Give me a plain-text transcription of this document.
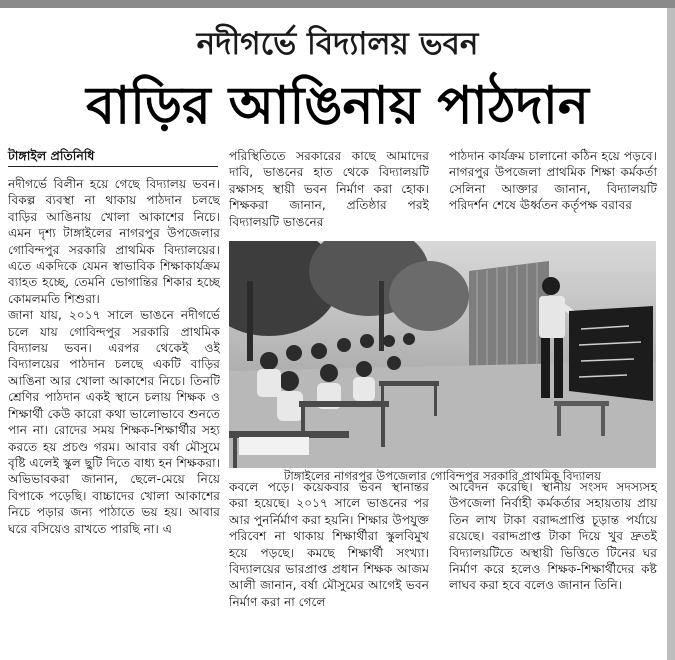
নদীগর্ভে বিদ্যালয় ভবন
বাড়ির আঙিনায় পাঠদান
টাঙ্গাইল প্রতিনিধি

নদীগর্ভে বিলীন হয়ে গেছে বিদ্যালয় ভবন। বিকল্প ব্যবস্থা না থাকায় পাঠদান চলছে বাড়ির আঙিনায় খোলা আকাশের নিচে। এমন দৃশ্য টাঙ্গাইলের নাগরপুর উপজেলার গোবিন্দপুর সরকারি প্রাথমিক বিদ্যালয়ের। এতে একদিকে যেমন স্বাভাবিক শিক্ষাকার্যক্রম ব্যাহত হচ্ছে, তেমনি ভোগান্তির শিকার হচ্ছে কোমলমতি শিশুরা।

জানা যায়, ২০১৭ সালে ভাঙনে নদীগর্ভে চলে যায় গোবিন্দপুর সরকারি প্রাথমিক বিদ্যালয় ভবন। এরপর থেকেই ওই বিদ্যালয়ের পাঠদান চলছে একটি বাড়ির আঙিনা আর খোলা আকাশের নিচে। তিনটি শ্রেণির পাঠদান একই স্থানে চলায় শিক্ষক ও শিক্ষার্থী কেউ কারো কথা ভালোভাবে শুনতে পান না। রোদের সময় শিক্ষক-শিক্ষার্থীর সহ্য করতে হয় প্রচণ্ড গরম। আবার বর্ষা মৌসুমে বৃষ্টি এলেই স্কুল ছুটি দিতে বাধ্য হন শিক্ষকরা। অভিভাবকরা জানান, ছেলে-মেয়ে নিয়ে বিপাকে পড়েছি। বাচ্চাদের খোলা আকাশের নিচে পড়ার জন্য পাঠাতে ভয় হয়। আবার ঘরে বসিয়েও রাখতে পারছি না। এ

পরিস্থিতিতে সরকারের কাছে আমাদের দাবি, ভাঙনের হাত থেকে বিদ্যালয়টি রক্ষাসহ স্থায়ী ভবন নির্মাণ করা হোক। শিক্ষকরা জানান, প্রতিষ্ঠার পরই বিদ্যালয়টি ভাঙনের

পাঠদান কার্যক্রম চালানো কঠিন হয়ে পড়বে। নাগরপুর উপজেলা প্রাথমিক শিক্ষা কর্মকর্তা সেলিনা আক্তার জানান, বিদ্যালয়টি পরিদর্শন শেষে ঊর্ধ্বতন কর্তৃপক্ষ বরাবর

টাঙ্গাইলের নাগরপুর উপজেলার গোবিন্দপুর সরকারি প্রাথমিক বিদ্যালয়

কবলে পড়ে। কয়েকবার ভবন স্থানান্তর করা হয়েছে। ২০১৭ সালে ভাঙনের পর আর পুনর্নির্মাণ করা হয়নি। শিক্ষার উপযুক্ত পরিবেশ না থাকায় শিক্ষার্থীরা স্কুলবিমুখ হয়ে পড়ছে। কমছে শিক্ষার্থী সংখ্যা। বিদ্যালয়ের ভারপ্রাপ্ত প্রধান শিক্ষক আজম আলী জানান, বর্ষা মৌসুমের আগেই ভবন নির্মাণ করা না গেলে

আবেদন করেছি। স্থানীয় সংসদ সদস্যসহ উপজেলা নির্বাহী কর্মকর্তার সহায়তায় প্রায় তিন লাখ টাকা বরাদ্দপ্রাপ্তি চূড়ান্ত পর্যায়ে রয়েছে। বরাদ্দপ্রাপ্ত টাকা দিয়ে খুব দ্রুতই বিদ্যালয়টিতে অস্থায়ী ভিত্তিতে টিনের ঘর নির্মাণ করে হলেও শিক্ষক-শিক্ষার্থীদের কষ্ট লাঘব করা হবে বলেও জানান তিনি।
